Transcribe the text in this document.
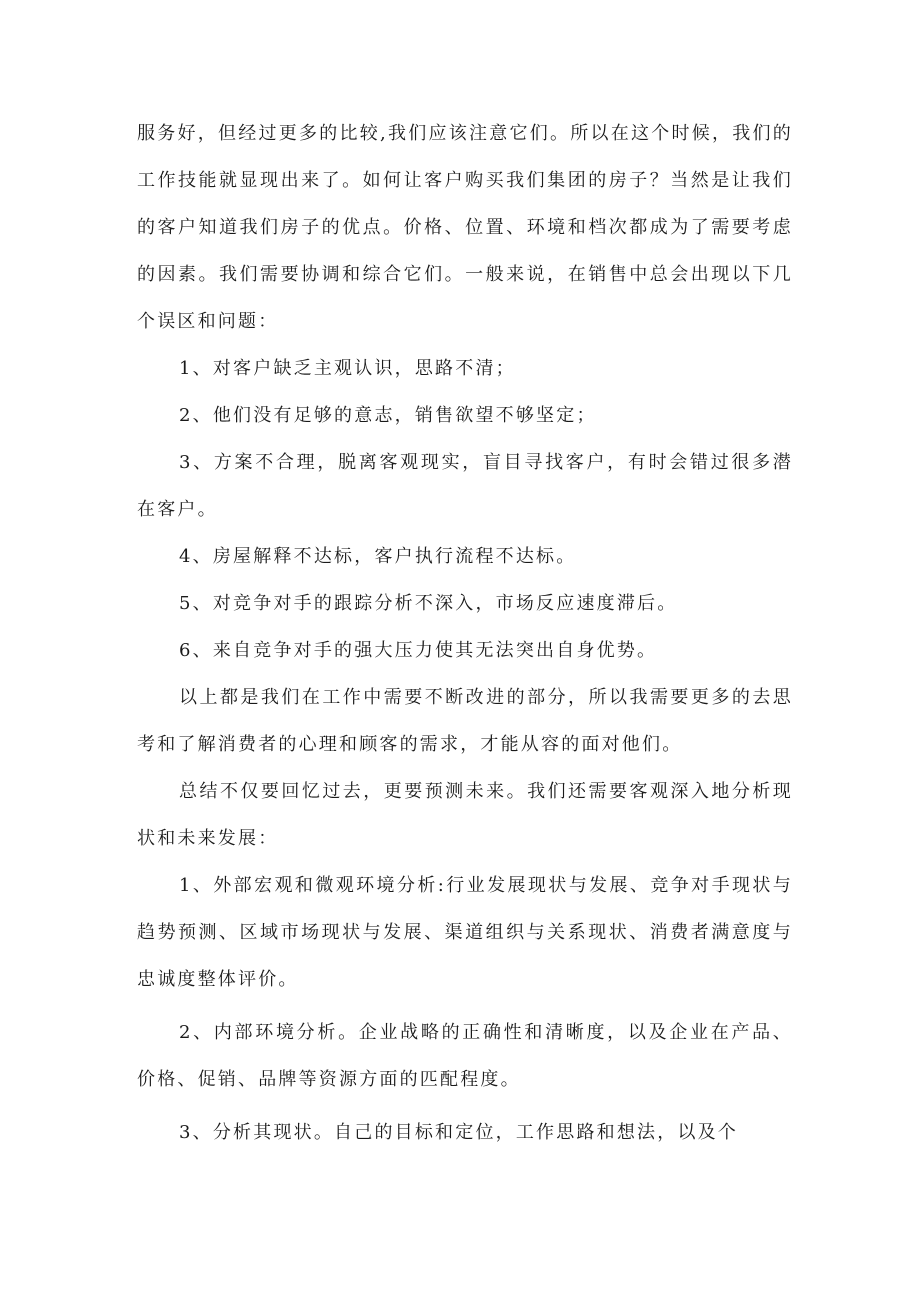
服务好，但经过更多的比较,我们应该注意它们。所以在这个时候，我们的工作技能就显现出来了。如何让客户购买我们集团的房子？当然是让我们的客户知道我们房子的优点。价格、位置、环境和档次都成为了需要考虑的因素。我们需要协调和综合它们。一般来说，在销售中总会出现以下几个误区和问题：

1、对客户缺乏主观认识，思路不清；

2、他们没有足够的意志，销售欲望不够坚定；

3、方案不合理，脱离客观现实，盲目寻找客户，有时会错过很多潜在客户。

4、房屋解释不达标，客户执行流程不达标。

5、对竞争对手的跟踪分析不深入，市场反应速度滞后。

6、来自竞争对手的强大压力使其无法突出自身优势。

以上都是我们在工作中需要不断改进的部分，所以我需要更多的去思考和了解消费者的心理和顾客的需求，才能从容的面对他们。

总结不仅要回忆过去，更要预测未来。我们还需要客观深入地分析现状和未来发展：

1、外部宏观和微观环境分析:行业发展现状与发展、竞争对手现状与趋势预测、区域市场现状与发展、渠道组织与关系现状、消费者满意度与忠诚度整体评价。

2、内部环境分析。企业战略的正确性和清晰度，以及企业在产品、价格、促销、品牌等资源方面的匹配程度。

3、分析其现状。自己的目标和定位，工作思路和想法，以及个
